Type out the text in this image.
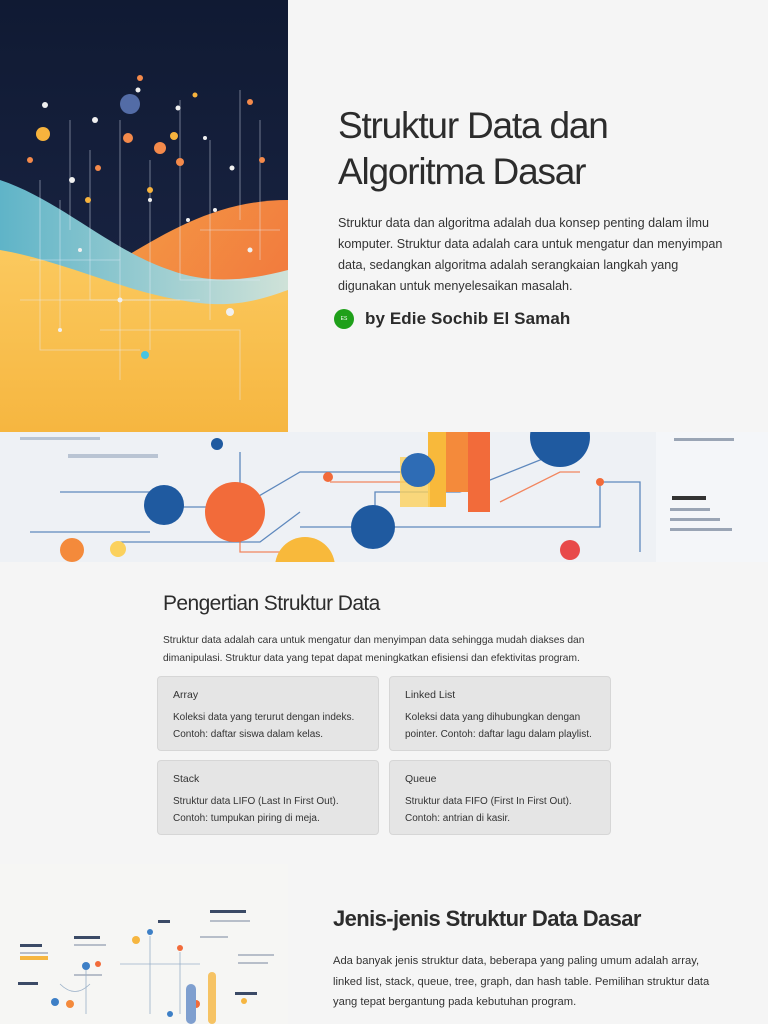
Struktur Data dan Algoritma Dasar

Struktur data dan algoritma adalah dua konsep penting dalam ilmu komputer. Struktur data adalah cara untuk mengatur dan menyimpan data, sedangkan algoritma adalah serangkaian langkah yang digunakan untuk menyelesaikan masalah.

ES by Edie Sochib El Samah
Pengertian Struktur Data

Struktur data adalah cara untuk mengatur dan menyimpan data sehingga mudah diakses dan dimanipulasi. Struktur data yang tepat dapat meningkatkan efisiensi dan efektivitas program.

Array
Koleksi data yang terurut dengan indeks. Contoh: daftar siswa dalam kelas.
Linked List
Koleksi data yang dihubungkan dengan pointer. Contoh: daftar lagu dalam playlist.
Stack
Struktur data LIFO (Last In First Out). Contoh: tumpukan piring di meja.
Queue
Struktur data FIFO (First In First Out). Contoh: antrian di kasir.
Jenis-jenis Struktur Data Dasar

Ada banyak jenis struktur data, beberapa yang paling umum adalah array, linked list, stack, queue, tree, graph, dan hash table. Pemilihan struktur data yang tepat bergantung pada kebutuhan program.
